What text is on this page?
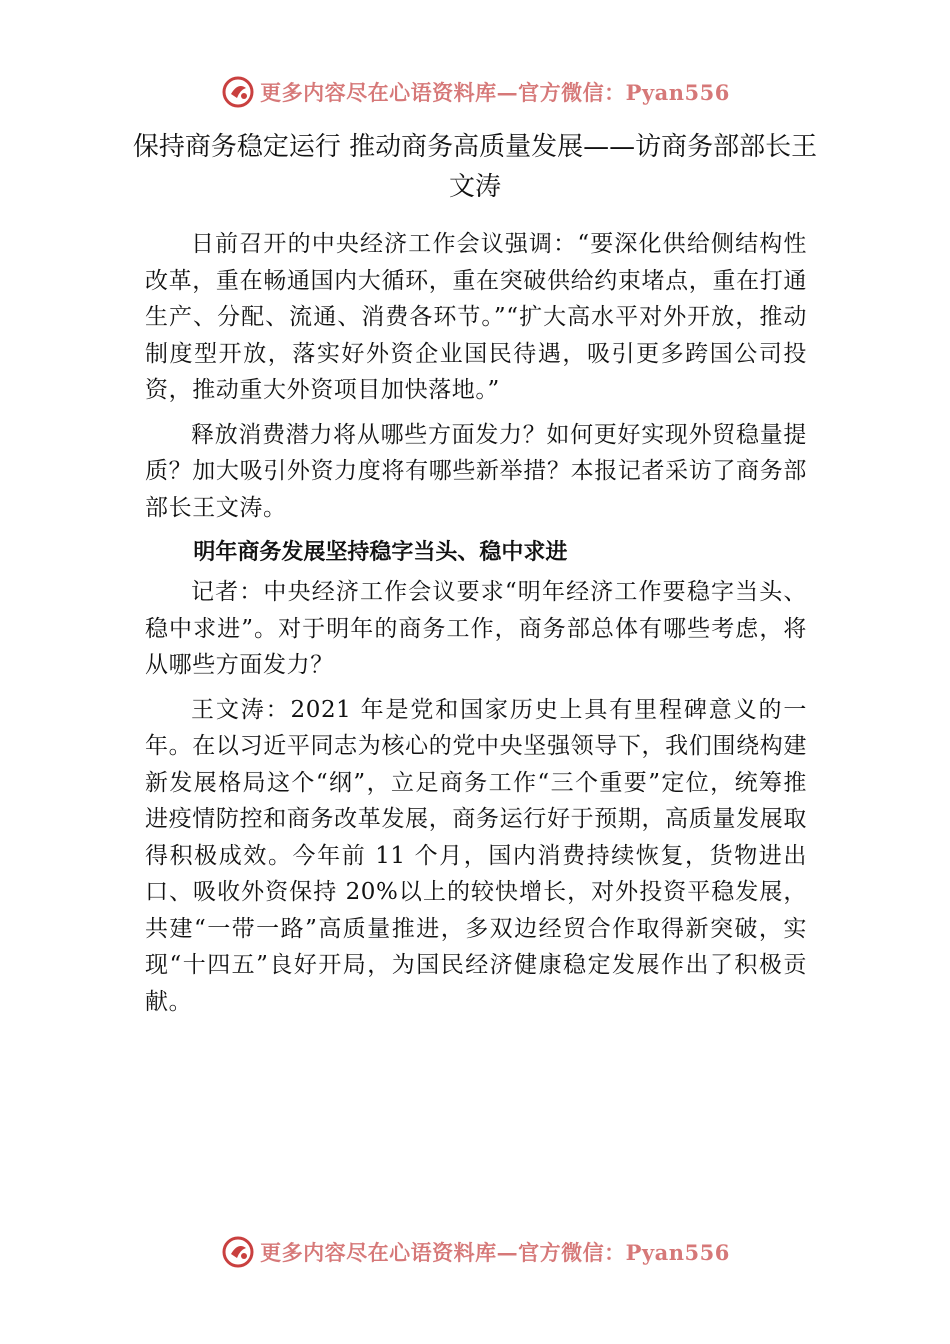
更多内容尽在心语资料库—官方微信：Pyan556
保持商务稳定运行 推动商务高质量发展——访商务部部长王文涛

日前召开的中央经济工作会议强调：“要深化供给侧结构性改革，重在畅通国内大循环，重在突破供给约束堵点，重在打通生产、分配、流通、消费各环节。”“扩大高水平对外开放，推动制度型开放，落实好外资企业国民待遇，吸引更多跨国公司投资，推动重大外资项目加快落地。”

释放消费潜力将从哪些方面发力？如何更好实现外贸稳量提质？加大吸引外资力度将有哪些新举措？本报记者采访了商务部部长王文涛。

明年商务发展坚持稳字当头、稳中求进

记者：中央经济工作会议要求“明年经济工作要稳字当头、稳中求进”。对于明年的商务工作，商务部总体有哪些考虑，将从哪些方面发力？

王文涛：2021 年是党和国家历史上具有里程碑意义的一年。在以习近平同志为核心的党中央坚强领导下，我们围绕构建新发展格局这个“纲”，立足商务工作“三个重要”定位，统筹推进疫情防控和商务改革发展，商务运行好于预期，高质量发展取得积极成效。今年前 11 个月，国内消费持续恢复，货物进出口、吸收外资保持 20%以上的较快增长，对外投资平稳发展，共建“一带一路”高质量推进，多双边经贸合作取得新突破，实现“十四五”良好开局，为国民经济健康稳定发展作出了积极贡献。

更多内容尽在心语资料库—官方微信：Pyan556
